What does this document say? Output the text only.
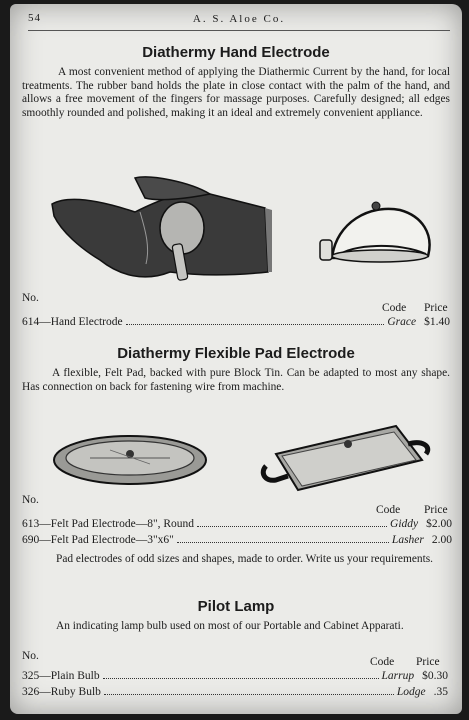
54	A. S. Aloe Co.
Diathermy Hand Electrode
A most convenient method of applying the Diathermic Current by the hand, for local treatments. The rubber band holds the plate in close contact with the palm of the hand, and allows a free movement of the fingers for massage purposes. Carefully designed; all edges smoothly rounded and polished, making it an ideal and extremely convenient appliance.
No.
Code Price
614—Hand Electrode	Grace $1.40
Diathermy Flexible Pad Electrode
A flexible, Felt Pad, backed with pure Block Tin. Can be adapted to most any shape. Has connection on back for fastening wire from machine.
No.
Code Price
613—Felt Pad Electrode—8", Round	Giddy $2.00
690—Felt Pad Electrode—3"x6"	Lasher 2.00
Pad electrodes of odd sizes and shapes, made to order. Write us your requirements.
Pilot Lamp
An indicating lamp bulb used on most of our Portable and Cabinet Apparati.
No.	Code Price
325—Plain Bulb	Larrup $0.30
326—Ruby Bulb	Lodge .35
